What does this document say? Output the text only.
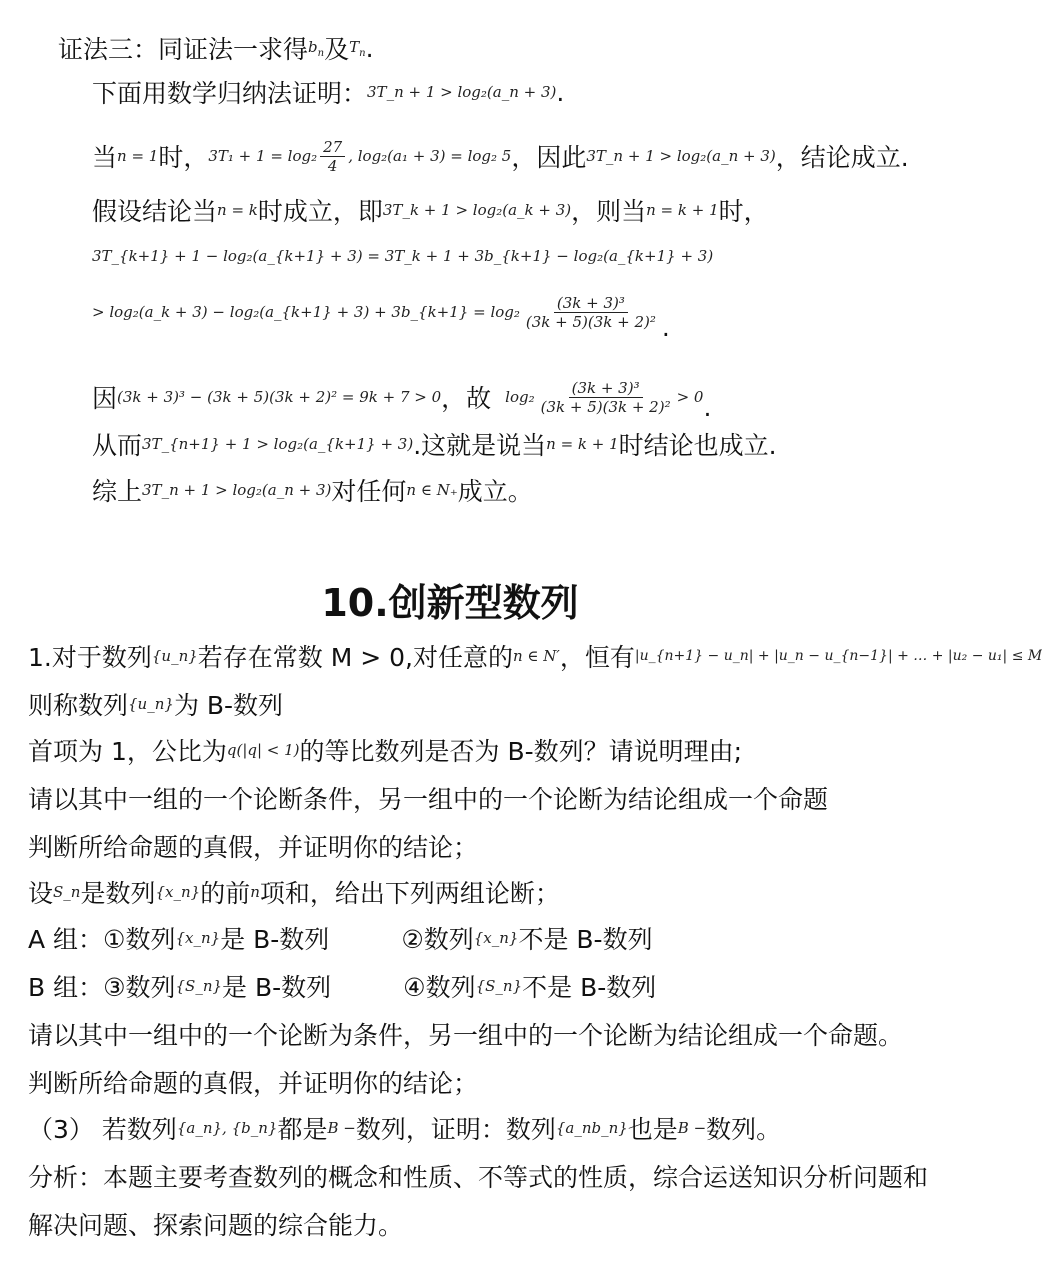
证法三：同证法一求得 $b_n$ 及 $T_n$ .
下面用数学归纳法证明： 3T_n + 1 > log₂(a_n + 3) .
当 n = 1 时， $3T_1 + 1 = \log_2 \frac{27}{4}$ , log₂(a₁ + 3) = log₂ 5 ，因此 3T_n + 1 > log₂(a_n + 3) ，结论成立.
假设结论当 n = k 时成立，即 3T_k + 1 > log₂(a_k + 3) ，则当 n = k + 1 时，
3T_{k+1} + 1 − log₂(a_{k+1} + 3) = 3T_k + 1 + 3b_{k+1} − log₂(a_{k+1} + 3)
> log₂(a_k + 3) − log₂(a_{k+1} + 3) + 3b_{k+1} = $\log_2 \frac{\text{(3k + 3)³}}{\text{(3k + 5)(3k + 2)²}}$ .
因 (3k + 3)³ − (3k + 5)(3k + 2)² = 9k + 7 > 0 ，故 $\log_2 \frac{\text{(3k + 3)³}}{\text{(3k + 5)(3k + 2)²}} > 0$ .
从而 3T_{n+1} + 1 > log₂(a_{k+1} + 3) .这就是说当 n = k + 1 时结论也成立.
综上 3T_n + 1 > log₂(a_n + 3) 对任何 n ∈ N₊ 成立。
10.创新型数列
1.对于数列 {u_n} 若存在常数 M > 0,对任意的 n ∈ N′ ，恒有 |u_{n+1} − u_n| + |u_n − u_{n−1}| + … + |u₂ − u₁| ≤ M
则称数列 {u_n} 为 B-数列
首项为 1，公比为 q(|q| < 1) 的等比数列是否为 B-数列？请说明理由;
请以其中一组的一个论断条件，另一组中的一个论断为结论组成一个命题
判断所给命题的真假，并证明你的结论；
设 S_n 是数列 {x_n} 的前 n 项和，给出下列两组论断；
A 组：①数列 {x_n} 是 B-数列	②数列 {x_n} 不是 B-数列
B 组：③数列 {S_n} 是 B-数列	④数列 {S_n} 不是 B-数列
请以其中一组中的一个论断为条件，另一组中的一个论断为结论组成一个命题。
判断所给命题的真假，并证明你的结论；
（3） 若数列 {a_n}, {b_n} 都是 B − 数列，证明：数列 {a_nb_n} 也是 B − 数列。
分析：本题主要考查数列的概念和性质、不等式的性质，综合运送知识分析问题和
解决问题、探索问题的综合能力。
